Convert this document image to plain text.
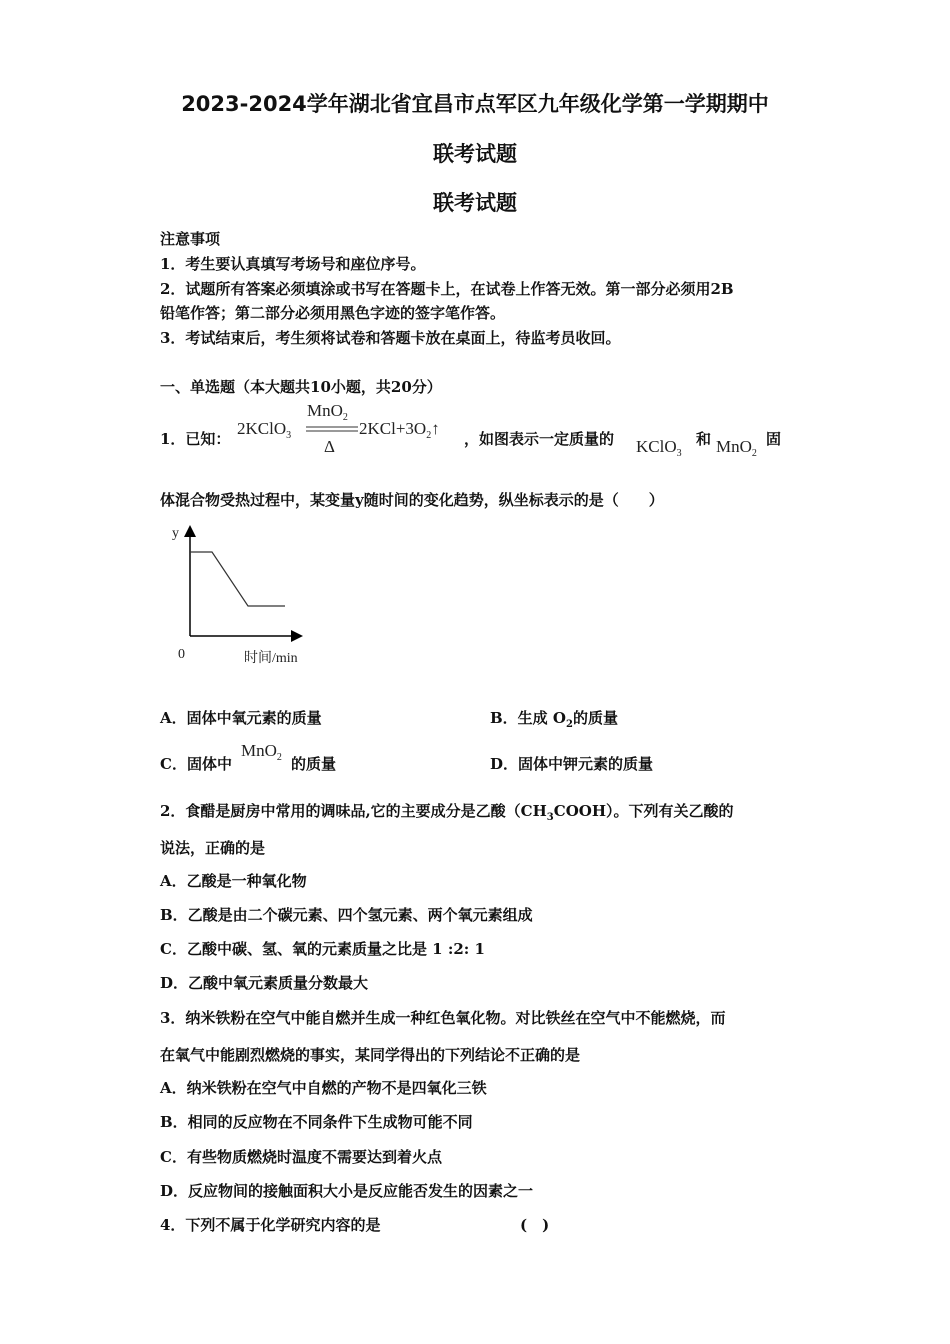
2023-2024学年湖北省宜昌市点军区九年级化学第一学期期中
联考试题
联考试题
注意事项
1．考生要认真填写考场号和座位序号。
2．试题所有答案必须填涂或书写在答题卡上，在试卷上作答无效。第一部分必须用2B
铅笔作答；第二部分必须用黑色字迹的签字笔作答。
3．考试结束后，考生须将试卷和答题卡放在桌面上，待监考员收回。
一、单选题（本大题共10小题，共20分）
1．已知：
2KClO$_3$
MnO$_2$
Δ
$2KCl+3O_2↑$
，如图表示一定质量的 KClO$_3$
和 MnO$_2$
固
体混合物受热过程中，某变量y随时间的变化趋势，纵坐标表示的是（　　）
y
0	时间/min
A．固体中氧元素的质量	B．生成 $O_2$的质量
C．固体中
MnO$_2$ 的质量	D．固体中钾元素的质量
2．食醋是厨房中常用的调味品,它的主要成分是乙酸$(CH_3COOH)$。下列有关乙酸的
说法，正确的是
A．乙酸是一种氧化物
B．乙酸是由二个碳元素、四个氢元素、两个氧元素组成
C．乙酸中碳、氢、氧的元素质量之比是 1 :2: 1
D．乙酸中氧元素质量分数最大
3．纳米铁粉在空气中能自燃并生成一种红色氧化物。对比铁丝在空气中不能燃烧，而
在氧气中能剧烈燃烧的事实，某同学得出的下列结论不正确的是
A．纳米铁粉在空气中自燃的产物不是四氧化三铁
B．相同的反应物在不同条件下生成物可能不同
C．有些物质燃烧时温度不需要达到着火点
D．反应物间的接触面积大小是反应能否发生的因素之一
4．下列不属于化学研究内容的是	(　)
